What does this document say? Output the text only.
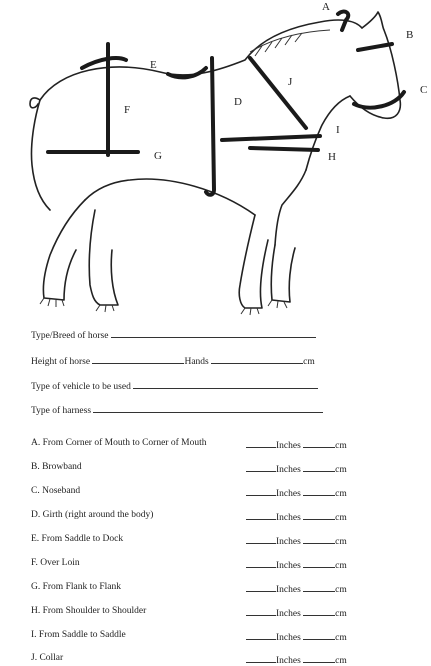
A
B
C
D
E
F
G	H
I
J
Type/Breed of horse
Height of horse	Hands	cm
Type of vehicle to be used
Type of harness
A. From Corner of Mouth to Corner of Mouth	Inches	cm
B. Browband	Inches	cm
C. Noseband	Inches	cm
D. Girth (right around the body)	Inches	cm
E. From Saddle to Dock	Inches	cm
F. Over Loin	Inches	cm
G. From Flank to Flank	Inches	cm
H. From Shoulder to Shoulder	Inches	cm
I. From Saddle to Saddle	Inches	cm
J. Collar	Inches	cm
